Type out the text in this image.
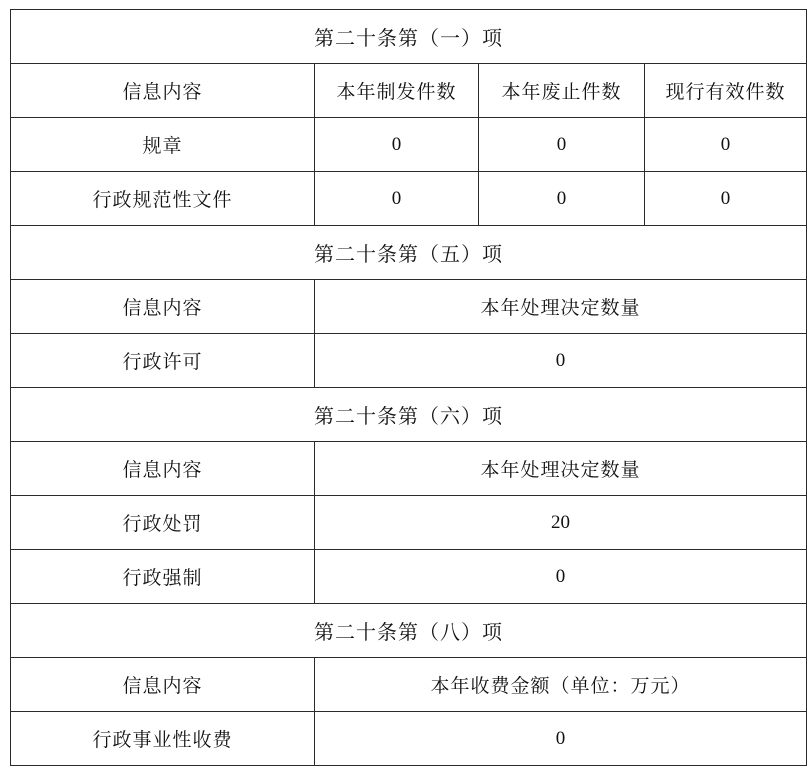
第二十条第（一）项			
信息内容	本年制发件数	本年废止件数	现行有效件数
规章	0	0	0
行政规范性文件	0	0	0
第二十条第（五）项			
信息内容	本年处理决定数量		
行政许可	0		
第二十条第（六）项			
信息内容	本年处理决定数量		
行政处罚	20		
行政强制	0		
第二十条第（八）项			
信息内容	本年收费金额（单位：万元）		
行政事业性收费	0		
